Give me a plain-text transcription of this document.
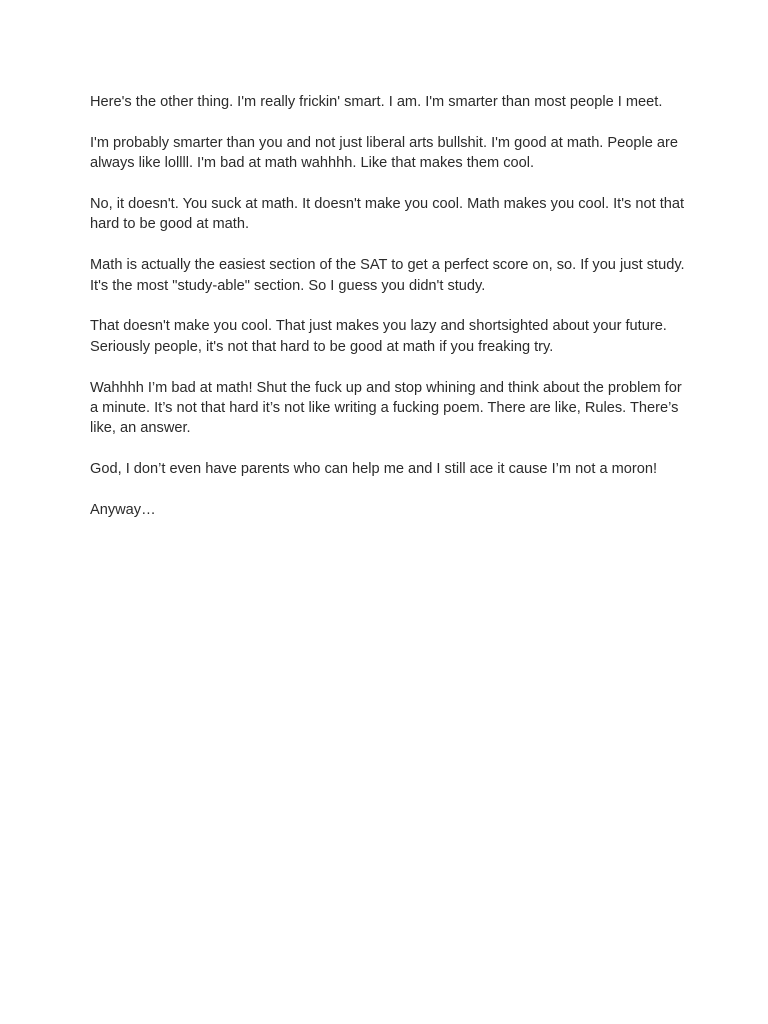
Here's the other thing. I'm really frickin' smart. I am. I'm smarter than most people I meet.

I'm probably smarter than you and not just liberal arts bullshit. I'm good at math. People are always like lollll. I'm bad at math wahhhh. Like that makes them cool.

No, it doesn't. You suck at math. It doesn't make you cool. Math makes you cool. It's not that hard to be good at math.

Math is actually the easiest section of the SAT to get a perfect score on, so. If you just study. It's the most "study-able" section. So I guess you didn't study.

That doesn't make you cool. That just makes you lazy and shortsighted about your future. Seriously people, it's not that hard to be good at math if you freaking try.

Wahhhh I’m bad at math! Shut the fuck up and stop whining and think about the problem for a minute. It’s not that hard it’s not like writing a fucking poem. There are like, Rules. There’s like, an answer.

God, I don’t even have parents who can help me and I still ace it cause I’m not a moron!

Anyway…
